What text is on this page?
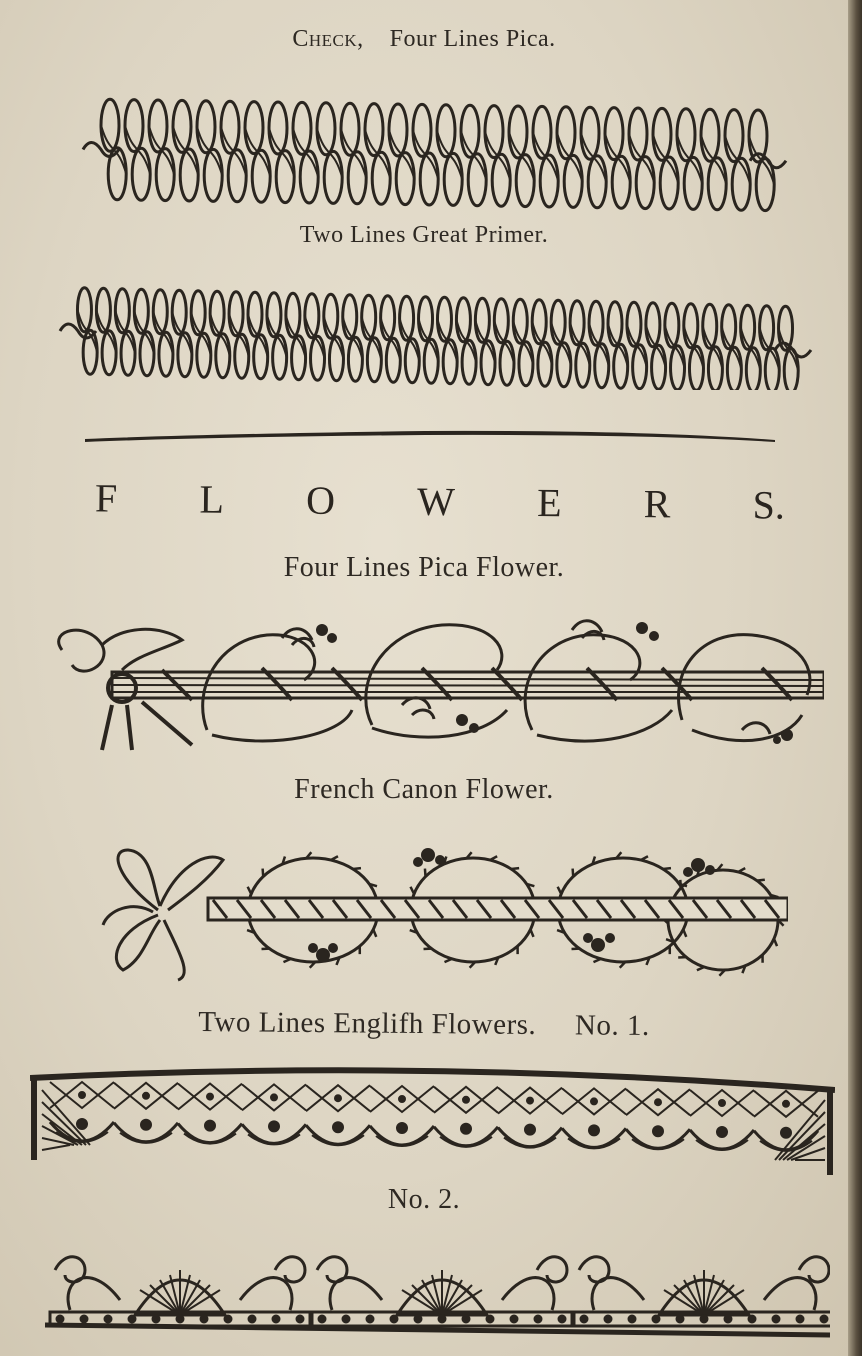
Check, Four Lines Pica.
Two Lines Great Primer.
F L O W E R S.
Four Lines Pica Flower.
French Canon Flower.
Two Lines Englifh Flowers. No. 1.
No. 2.
